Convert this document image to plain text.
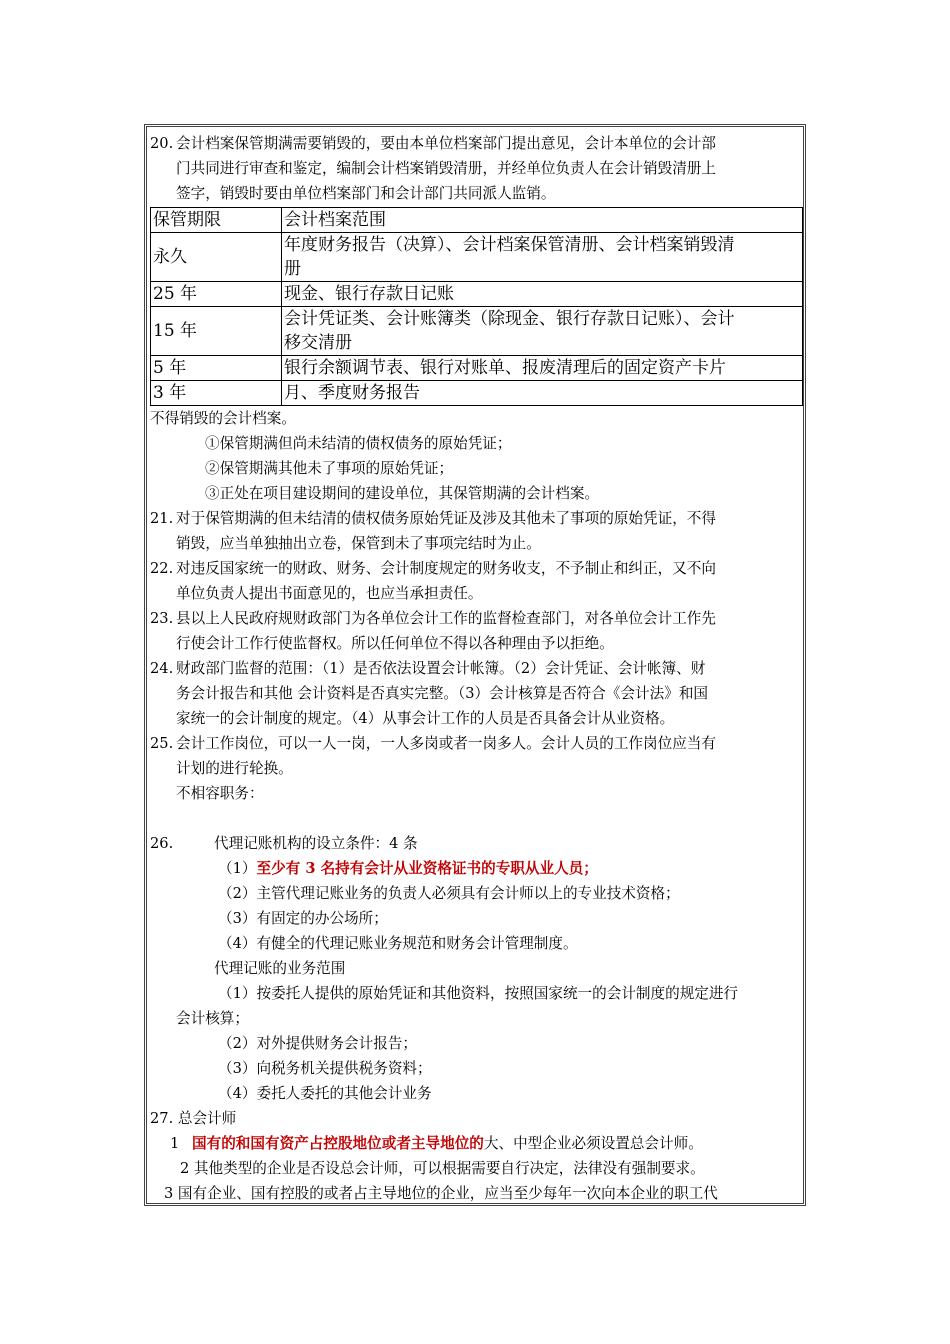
20. 会计档案保管期满需要销毁的，要由本单位档案部门提出意见，会计本单位的会计部
门共同进行审查和鉴定，编制会计档案销毁清册，并经单位负责人在会计销毁清册上
签字，销毁时要由单位档案部门和会计部门共同派人监销。
保管期限	会计档案范围
永久	年度财务报告（决算）、会计档案保管清册、会计档案销毁清
册

25 年	现金、银行存款日记账
15 年	会计凭证类、会计账簿类（除现金、银行存款日记账）、会计
移交清册

5 年	银行余额调节表、银行对账单、报废清理后的固定资产卡片
3 年	月、季度财务报告
不得销毁的会计档案。
①保管期满但尚未结清的债权债务的原始凭证；
②保管期满其他未了事项的原始凭证；
③正处在项目建设期间的建设单位，其保管期满的会计档案。
21. 对于保管期满的但未结清的债权债务原始凭证及涉及其他未了事项的原始凭证，不得
销毁，应当单独抽出立卷，保管到未了事项完结时为止。
22. 对违反国家统一的财政、财务、会计制度规定的财务收支，不予制止和纠正，又不向
单位负责人提出书面意见的，也应当承担责任。
23. 县以上人民政府规财政部门为各单位会计工作的监督检查部门，对各单位会计工作先
行使会计工作行使监督权。所以任何单位不得以各种理由予以拒绝。
24. 财政部门监督的范围：（1）是否依法设置会计帐簿。（2）会计凭证、会计帐簿、财
务会计报告和其他 会计资料是否真实完整。（3）会计核算是否符合《会计法》和国
家统一的会计制度的规定。（4）从事会计工作的人员是否具备会计从业资格。
25. 会计工作岗位，可以一人一岗，一人多岗或者一岗多人。会计人员的工作岗位应当有
计划的进行轮换。
不相容职务：
26.	代理记账机构的设立条件：4 条
（1）至少有 3 名持有会计从业资格证书的专职从业人员；
（2）主管代理记账业务的负责人必须具有会计师以上的专业技术资格；
（3）有固定的办公场所；
（4）有健全的代理记账业务规范和财务会计管理制度。
代理记账的业务范围
（1）按委托人提供的原始凭证和其他资料，按照国家统一的会计制度的规定进行
会计核算；
（2）对外提供财务会计报告；
（3）向税务机关提供税务资料；
（4）委托人委托的其他会计业务
27. 总会计师
1 国有的和国有资产占控股地位或者主导地位的大、中型企业必须设置总会计师。
2 其他类型的企业是否设总会计师，可以根据需要自行决定，法律没有强制要求。
3 国有企业、国有控股的或者占主导地位的企业，应当至少每年一次向本企业的职工代
